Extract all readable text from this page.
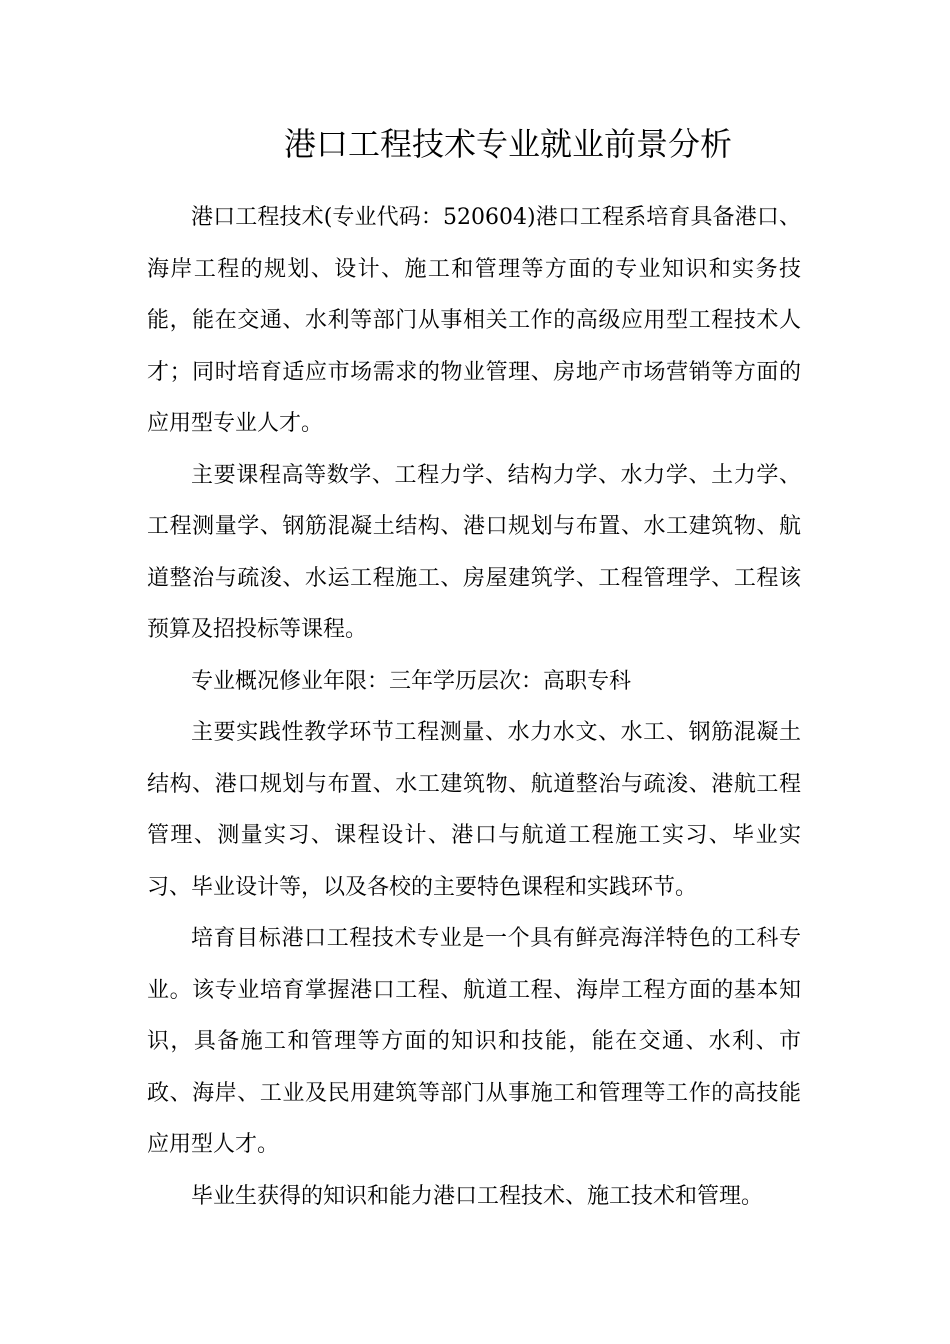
港口工程技术专业就业前景分析

港口工程技术(专业代码：520604)港口工程系培育具备港口、海岸工程的规划、设计、施工和管理等方面的专业知识和实务技能，能在交通、水利等部门从事相关工作的高级应用型工程技术人才；同时培育适应市场需求的物业管理、房地产市场营销等方面的应用型专业人才。

主要课程高等数学、工程力学、结构力学、水力学、土力学、工程测量学、钢筋混凝土结构、港口规划与布置、水工建筑物、航道整治与疏浚、水运工程施工、房屋建筑学、工程管理学、工程该预算及招投标等课程。

专业概况修业年限：三年学历层次：高职专科

主要实践性教学环节工程测量、水力水文、水工、钢筋混凝土结构、港口规划与布置、水工建筑物、航道整治与疏浚、港航工程管理、测量实习、课程设计、港口与航道工程施工实习、毕业实习、毕业设计等，以及各校的主要特色课程和实践环节。

培育目标港口工程技术专业是一个具有鲜亮海洋特色的工科专业。该专业培育掌握港口工程、航道工程、海岸工程方面的基本知识，具备施工和管理等方面的知识和技能，能在交通、水利、市政、海岸、工业及民用建筑等部门从事施工和管理等工作的高技能应用型人才。

毕业生获得的知识和能力港口工程技术、施工技术和管理。
